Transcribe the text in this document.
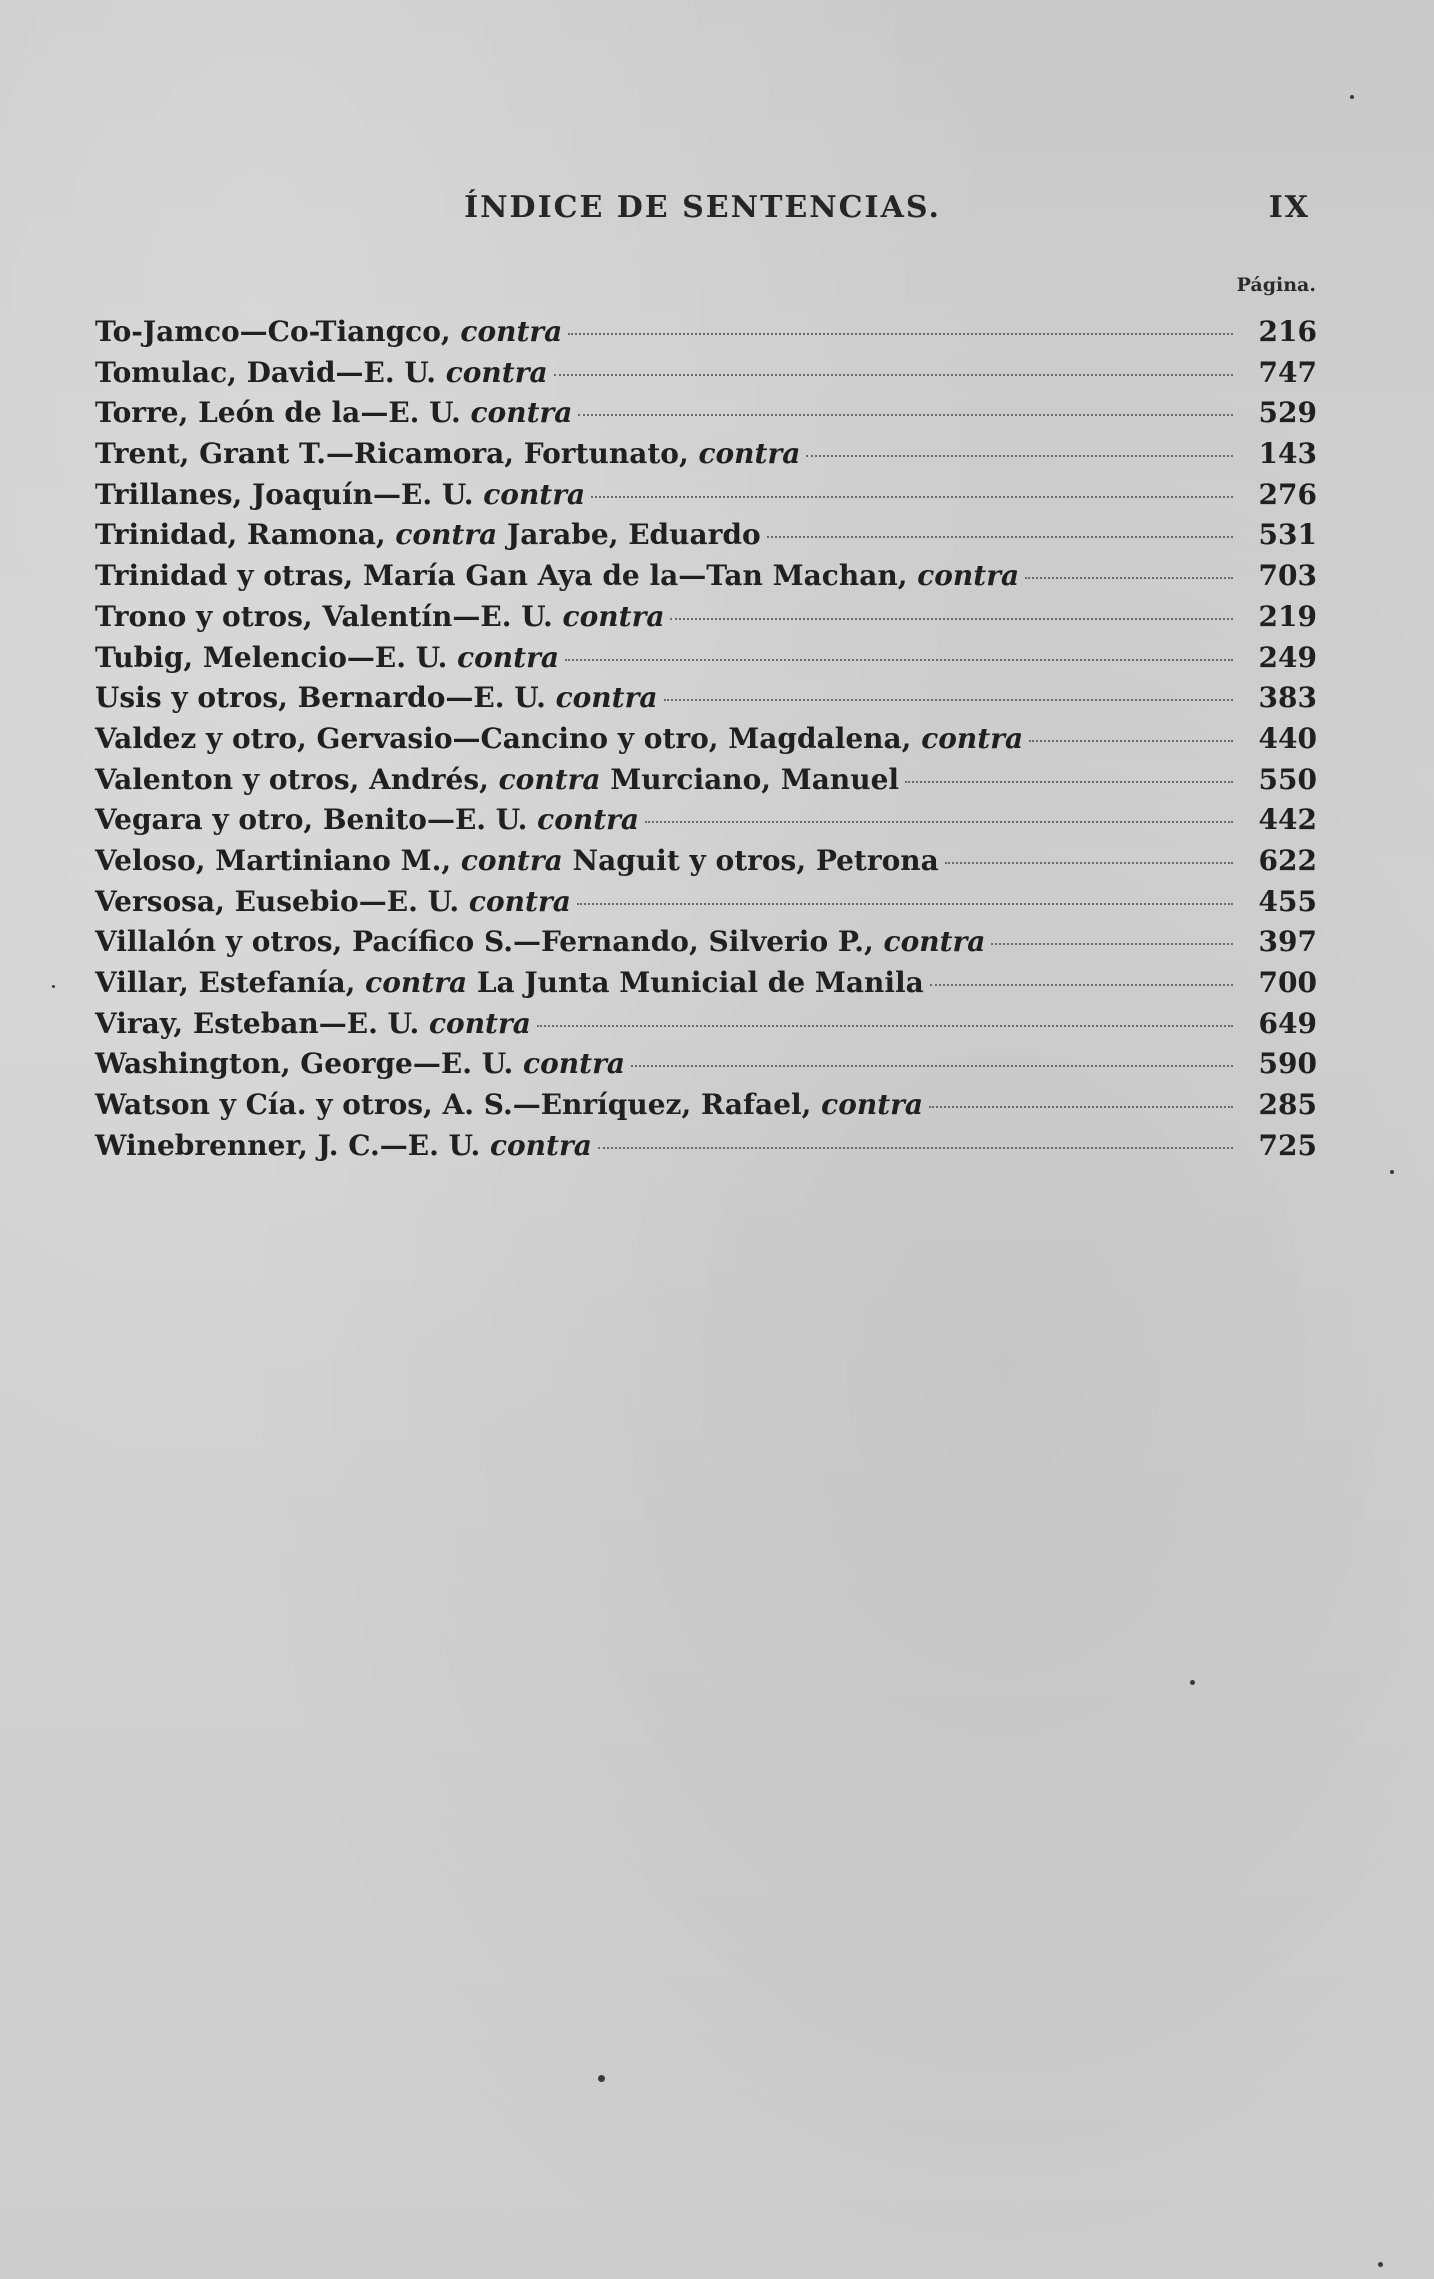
ÍNDICE DE SENTENCIAS.	IX
Página.
To-Jamco—Co-Tiangco, contra	216
Tomulac, David—E. U. contra	747
Torre, León de la—E. U. contra	529
Trent, Grant T.—Ricamora, Fortunato, contra	143
Trillanes, Joaquín—E. U. contra	276
Trinidad, Ramona, contra Jarabe, Eduardo	531
Trinidad y otras, María Gan Aya de la—Tan Machan, contra	703
Trono y otros, Valentín—E. U. contra	219
Tubig, Melencio—E. U. contra	249
Usis y otros, Bernardo—E. U. contra	383
Valdez y otro, Gervasio—Cancino y otro, Magdalena, contra	440
Valenton y otros, Andrés, contra Murciano, Manuel	550
Vegara y otro, Benito—E. U. contra	442
Veloso, Martiniano M., contra Naguit y otros, Petrona	622
Versosa, Eusebio—E. U. contra	455
Villalón y otros, Pacífico S.—Fernando, Silverio P., contra	397
Villar, Estefanía, contra La Junta Municial de Manila	700
Viray, Esteban—E. U. contra	649
Washington, George—E. U. contra	590
Watson y Cía. y otros, A. S.—Enríquez, Rafael, contra	285
Winebrenner, J. C.—E. U. contra	725
